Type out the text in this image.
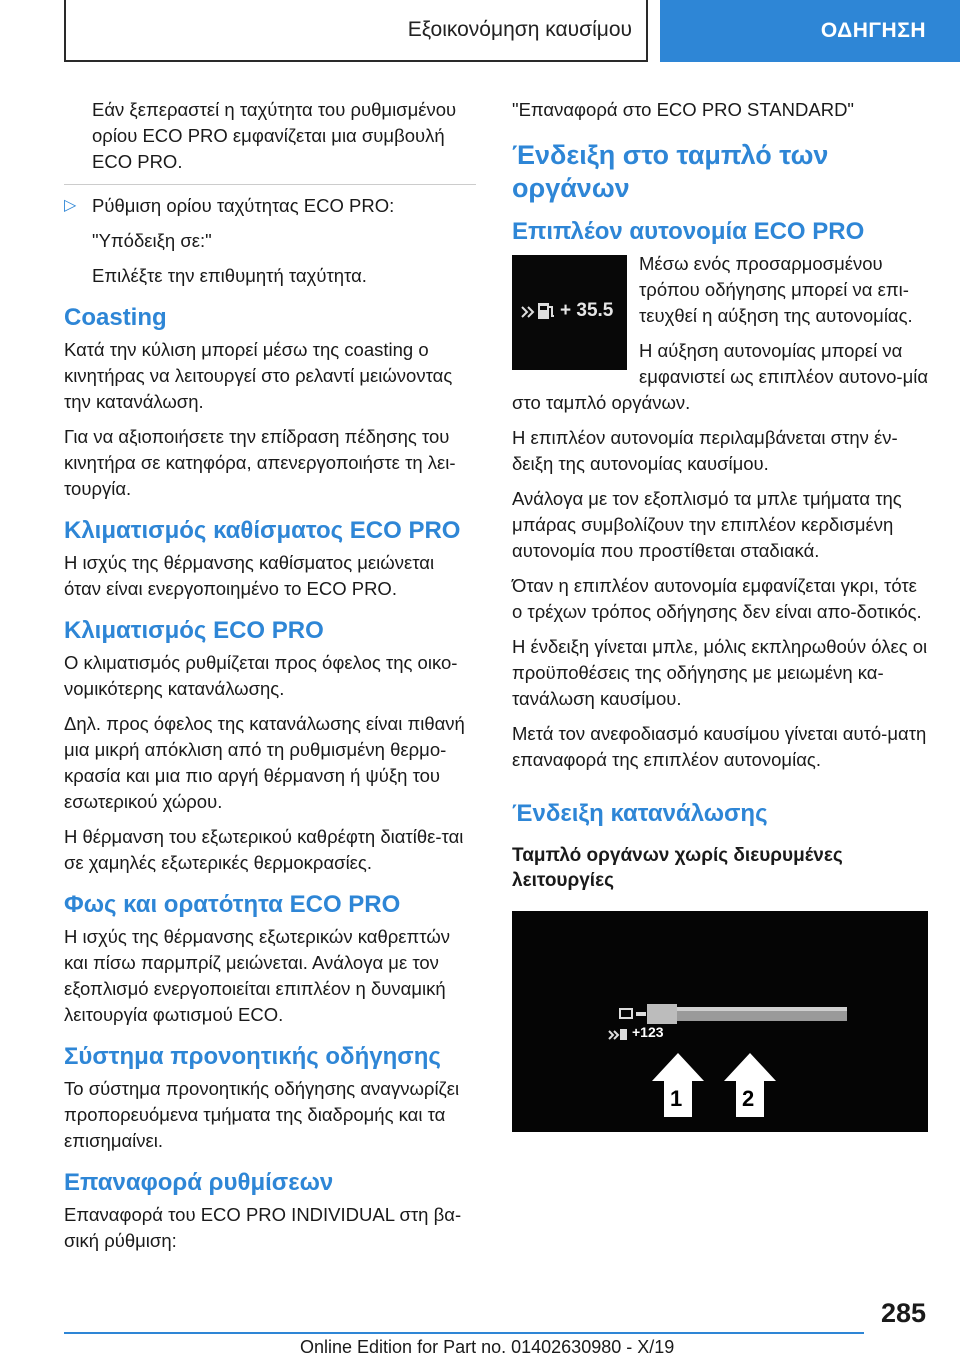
Εξοικονόμηση καυσίμου	ΟΔΗΓΗΣΗ

Εάν ξεπεραστεί η ταχύτητα του ρυθμισμένου ορίου ECO PRO εμφανίζεται μια συμβουλή ECO PRO.

▷ Ρύθμιση ορίου ταχύτητας ECO PRO:

"Υπόδειξη σε:"

Επιλέξτε την επιθυμητή ταχύτητα.

Coasting

Κατά την κύλιση μπορεί μέσω της coasting ο κινητήρας να λειτουργεί στο ρελαντί μειώνοντας την κατανάλωση.

Για να αξιοποιήσετε την επίδραση πέδησης του κινητήρα σε κατηφόρα, απενεργοποιήστε τη λει-τουργία.

Κλιματισμός καθίσματος ECO PRO

Η ισχύς της θέρμανσης καθίσματος μειώνεται όταν είναι ενεργοποιημένο το ECO PRO.

Κλιματισμός ECO PRO

Ο κλιματισμός ρυθμίζεται προς όφελος της οικο-νομικότερης κατανάλωσης.

Δηλ. προς όφελος της κατανάλωσης είναι πιθανή μια μικρή απόκλιση από τη ρυθμισμένη θερμο-κρασία και μια πιο αργή θέρμανση ή ψύξη του εσωτερικού χώρου.

Η θέρμανση του εξωτερικού καθρέφτη διατίθε-ται σε χαμηλές εξωτερικές θερμοκρασίες.

Φως και ορατότητα ECO PRO

Η ισχύς της θέρμανσης εξωτερικών καθρεπτών και πίσω παρμπρίζ μειώνεται. Ανάλογα με τον εξοπλισμό ενεργοποιείται επιπλέον η δυναμική λειτουργία φωτισμού ECO.

Σύστημα προνοητικής οδήγησης

Το σύστημα προνοητικής οδήγησης αναγνωρίζει προπορευόμενα τμήματα της διαδρομής και τα επισημαίνει.

Επαναφορά ρυθμίσεων

Επαναφορά του ECO PRO INDIVIDUAL στη βα-σική ρύθμιση:

"Επαναφορά στο ECO PRO STANDARD"

Ένδειξη στο ταμπλό των οργάνων
Επιπλέον αυτονομία ECO PRO
+ 35.5

Μέσω ενός προσαρμοσμένου τρόπου οδήγησης μπορεί να επι-τευχθεί η αύξηση της αυτονομίας.

Η αύξηση αυτονομίας μπορεί να εμφανιστεί ως επιπλέον αυτονο-μία στο ταμπλό οργάνων.

Η επιπλέον αυτονομία περιλαμβάνεται στην έν-δειξη της αυτονομίας καυσίμου.

Ανάλογα με τον εξοπλισμό τα μπλε τμήματα της μπάρας συμβολίζουν την επιπλέον κερδισμένη αυτονομία που προστίθεται σταδιακά.

Όταν η επιπλέον αυτονομία εμφανίζεται γκρι, τότε ο τρέχων τρόπος οδήγησης δεν είναι απο-δοτικός.

Η ένδειξη γίνεται μπλε, μόλις εκπληρωθούν όλες οι προϋποθέσεις της οδήγησης με μειωμένη κα-τανάλωση καυσίμου.

Μετά τον ανεφοδιασμό καυσίμου γίνεται αυτό-ματη επαναφορά της επιπλέον αυτονομίας.

Ένδειξη κατανάλωσης
Ταμπλό οργάνων χωρίς διευρυμένες λειτουργίες
+123
1	2
285
Online Edition for Part no. 01402630980 - X/19
